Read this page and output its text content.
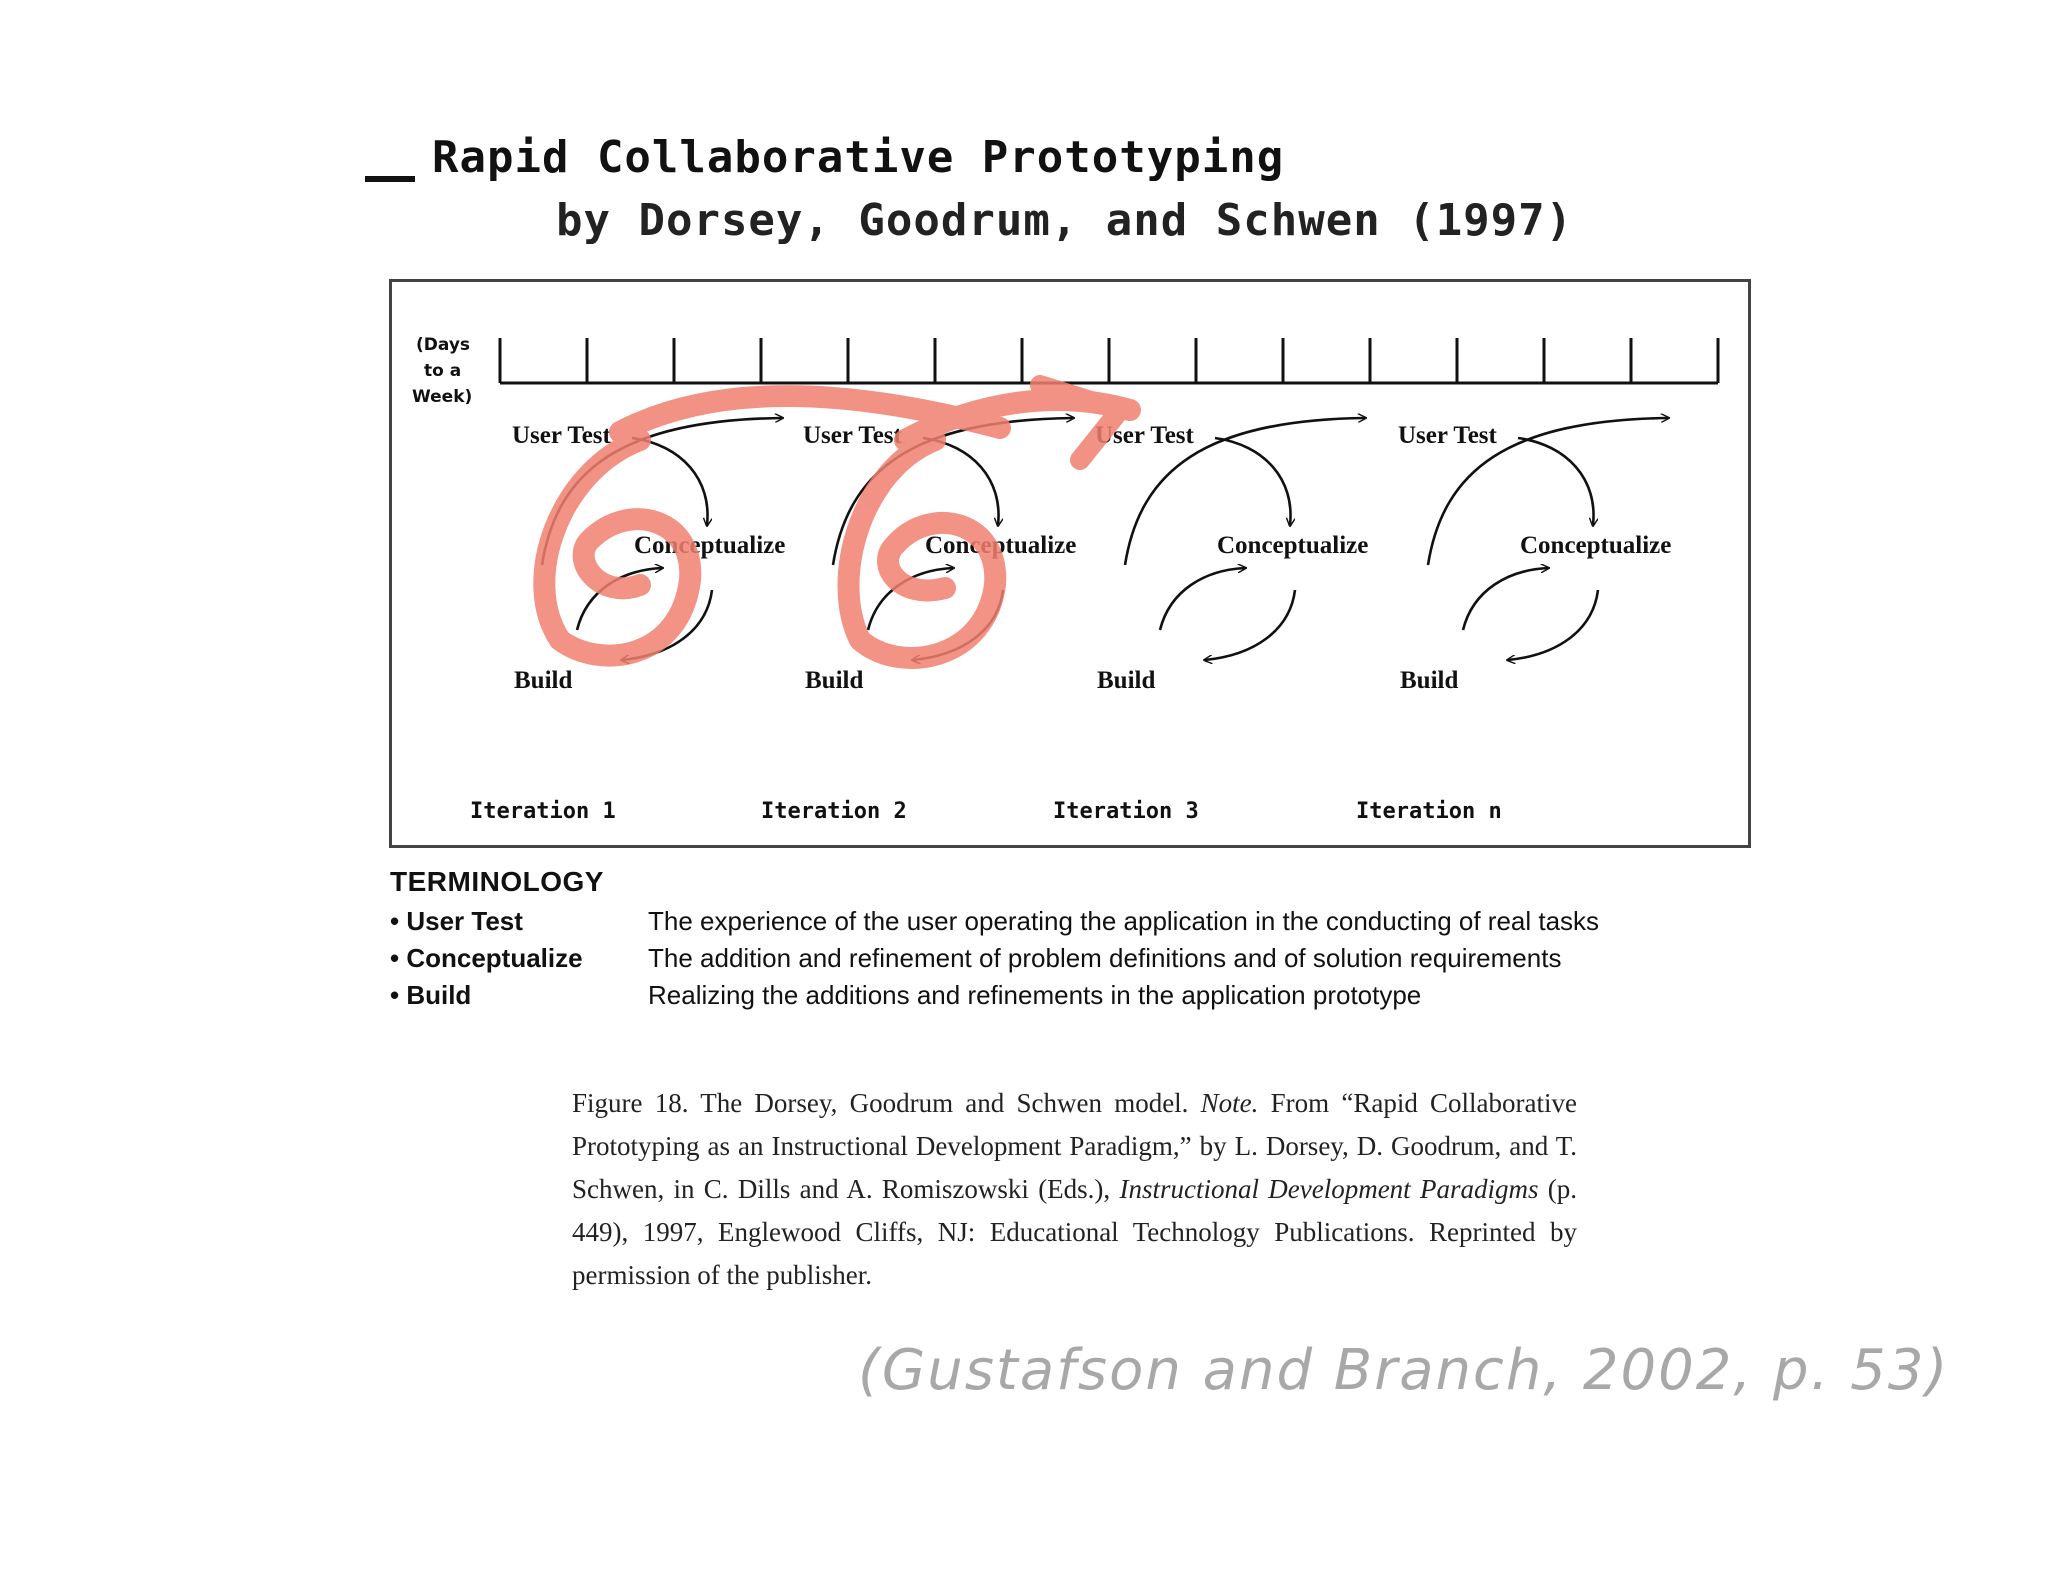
Rapid Collaborative Prototyping
by Dorsey, Goodrum, and Schwen (1997)
(Days
to a
Week)
User Test
Conceptualize
Build
Iteration 1
User Test
Conceptualize
Build
Iteration 2
User Test
Conceptualize
Build
Iteration 3
User Test
Conceptualize
Build
Iteration n
TERMINOLOGY
• User Test	The experience of the user operating the application in the conducting of real tasks
• Conceptualize	The addition and refinement of problem definitions and of solution requirements
• Build	Realizing the additions and refinements in the application prototype
Figure 18. The Dorsey, Goodrum and Schwen model. Note. From “Rapid Collaborative Prototyping as an Instructional Development Paradigm,” by L. Dorsey, D. Goodrum, and T. Schwen, in C. Dills and A. Romiszowski (Eds.), Instructional Development Paradigms (p. 449), 1997, Englewood Cliffs, NJ: Educational Technology Publications. Reprinted by permission of the publisher.
(Gustafson and Branch, 2002, p. 53)
